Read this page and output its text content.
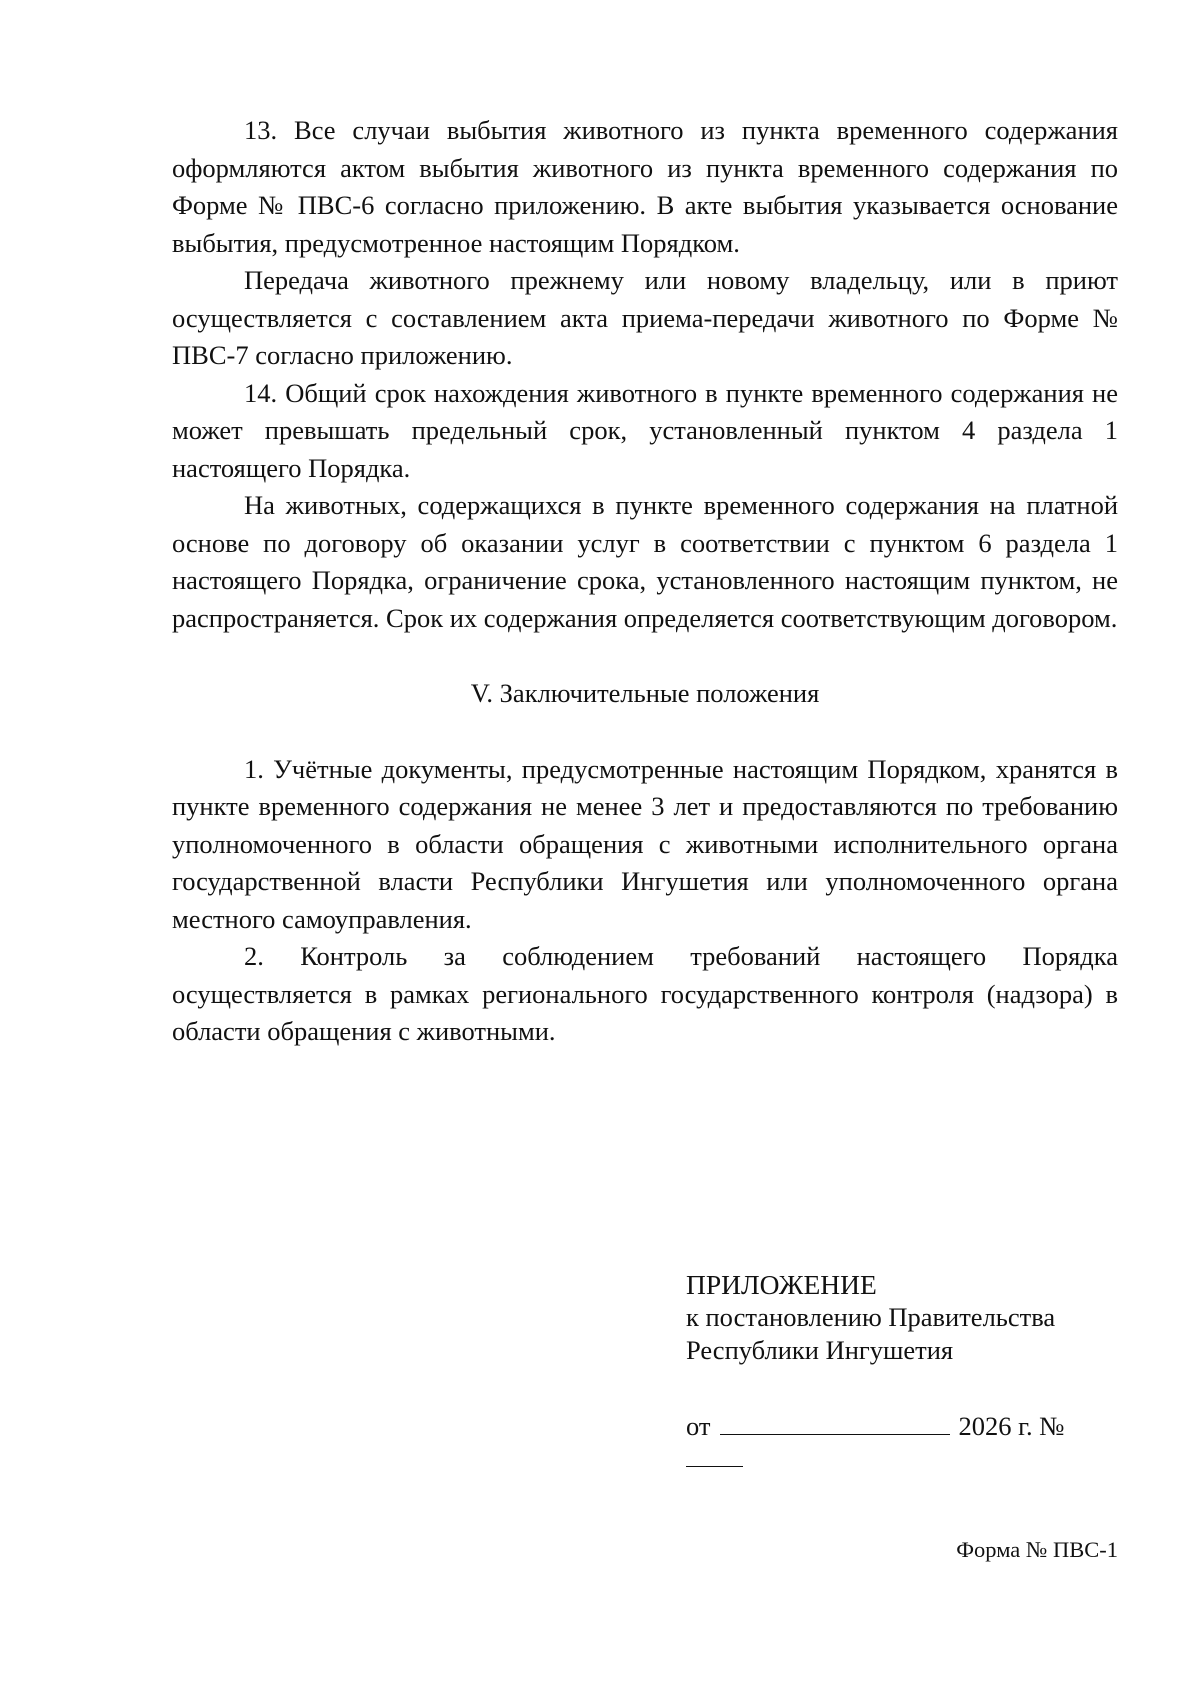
13. Все случаи выбытия животного из пункта временного содержания оформляются актом выбытия животного из пункта временного содержания по Форме № ПВС-6 согласно приложению. В акте выбытия указывается основание выбытия, предусмотренное настоящим Порядком.

Передача животного прежнему или новому владельцу, или в приют осуществляется с составлением акта приема-передачи животного по Форме № ПВС-7 согласно приложению.

14. Общий срок нахождения животного в пункте временного содержания не может превышать предельный срок, установленный пунктом 4 раздела 1 настоящего Порядка.

На животных, содержащихся в пункте временного содержания на платной основе по договору об оказании услуг в соответствии с пунктом 6 раздела 1 настоящего Порядка, ограничение срока, установленного настоящим пунктом, не распространяется. Срок их содержания определяется соответствующим договором.

V. Заключительные положения

1. Учётные документы, предусмотренные настоящим Порядком, хранятся в пункте временного содержания не менее 3 лет и предоставляются по требованию уполномоченного в области обращения с животными исполнительного органа государственной власти Республики Ингушетия или уполномоченного органа местного самоуправления.

2. Контроль за соблюдением требований настоящего Порядка осуществляется в рамках регионального государственного контроля (надзора) в области обращения с животными.

ПРИЛОЖЕНИЕ
к постановлению Правительства
Республики Ингушетия
от	2026 г. №
Форма № ПВС-1
